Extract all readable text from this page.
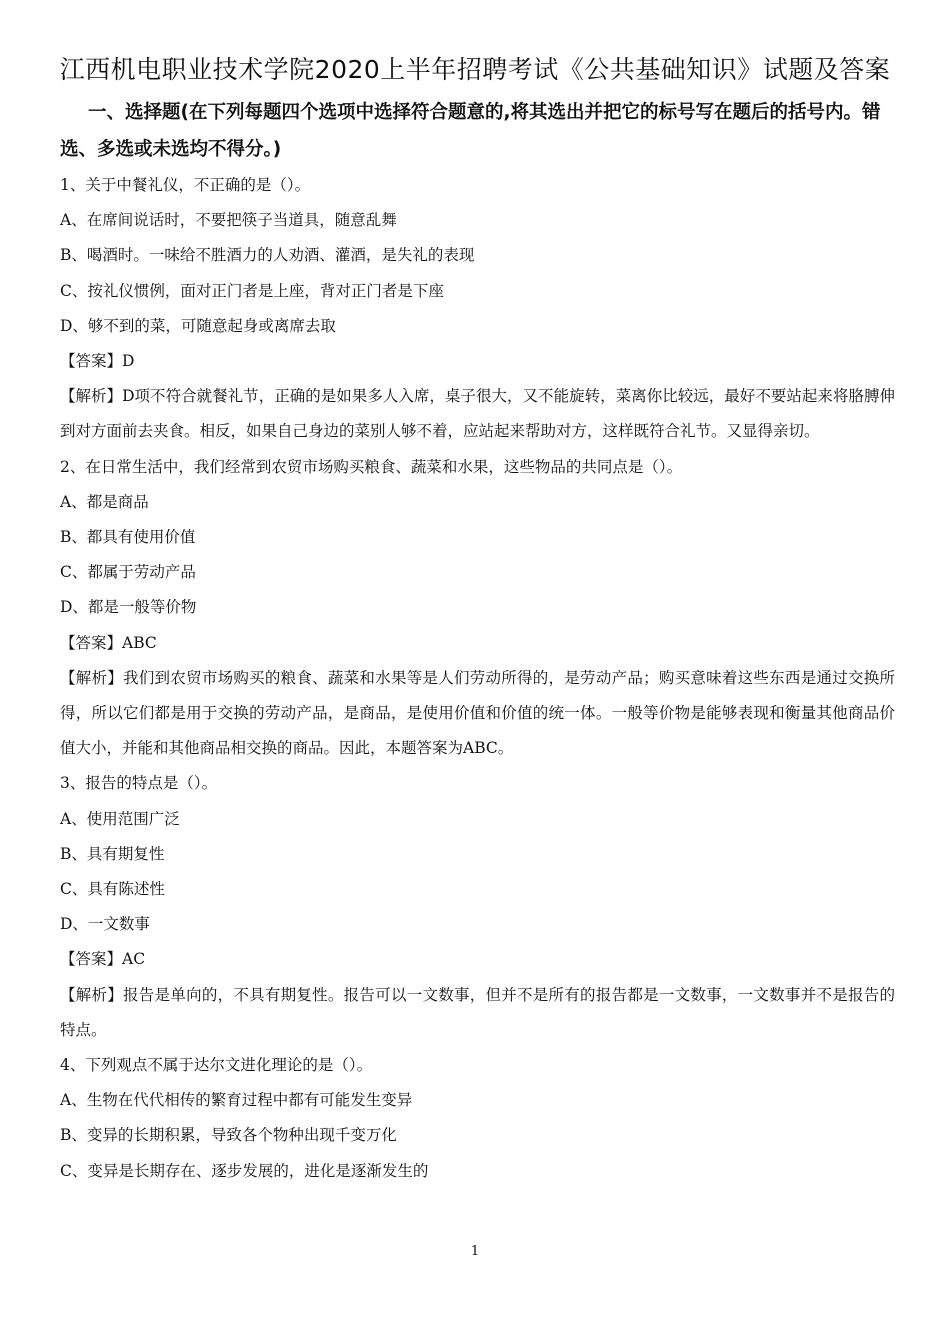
江西机电职业技术学院2020上半年招聘考试《公共基础知识》试题及答案
一、选择题(在下列每题四个选项中选择符合题意的,将其选出并把它的标号写在题后的括号内。错选、多选或未选均不得分。)
1、关于中餐礼仪，不正确的是（）。
A、在席间说话时，不要把筷子当道具，随意乱舞
B、喝酒时。一味给不胜酒力的人劝酒、灌酒，是失礼的表现
C、按礼仪惯例，面对正门者是上座，背对正门者是下座
D、够不到的菜，可随意起身或离席去取
【答案】D
【解析】D项不符合就餐礼节，正确的是如果多人入席，桌子很大，又不能旋转，菜离你比较远，最好不要站起来将胳膊伸到对方面前去夹食。相反，如果自己身边的菜别人够不着，应站起来帮助对方，这样既符合礼节。又显得亲切。
2、在日常生活中，我们经常到农贸市场购买粮食、蔬菜和水果，这些物品的共同点是（）。
A、都是商品
B、都具有使用价值
C、都属于劳动产品
D、都是一般等价物
【答案】ABC
【解析】我们到农贸市场购买的粮食、蔬菜和水果等是人们劳动所得的，是劳动产品；购买意味着这些东西是通过交换所得，所以它们都是用于交换的劳动产品，是商品，是使用价值和价值的统一体。一般等价物是能够表现和衡量其他商品价值大小，并能和其他商品相交换的商品。因此，本题答案为ABC。
3、报告的特点是（）。
A、使用范围广泛
B、具有期复性
C、具有陈述性
D、一文数事
【答案】AC
【解析】报告是单向的，不具有期复性。报告可以一文数事，但并不是所有的报告都是一文数事，一文数事并不是报告的特点。
4、下列观点不属于达尔文进化理论的是（）。
A、生物在代代相传的繁育过程中都有可能发生变异
B、变异的长期积累，导致各个物种出现千变万化
C、变异是长期存在、逐步发展的，进化是逐渐发生的
1
